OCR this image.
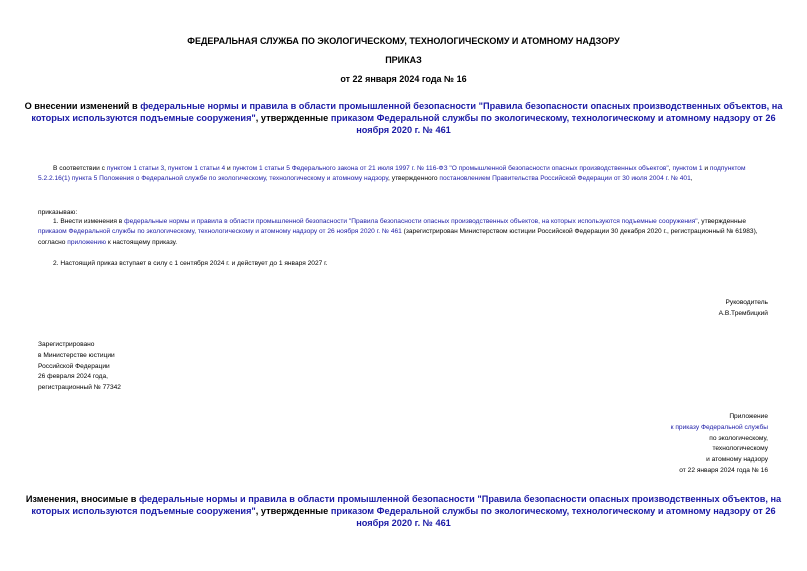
ФЕДЕРАЛЬНАЯ СЛУЖБА ПО ЭКОЛОГИЧЕСКОМУ, ТЕХНОЛОГИЧЕСКОМУ И АТОМНОМУ НАДЗОРУ
ПРИКАЗ
от 22 января 2024 года № 16
О внесении изменений в федеральные нормы и правила в области промышленной безопасности "Правила безопасности опасных производственных объектов, на которых используются подъемные сооружения", утвержденные приказом Федеральной службы по экологическому, технологическому и атомному надзору от 26 ноября 2020 г. № 461
В соответствии с пунктом 1 статьи 3, пунктом 1 статьи 4 и пунктом 1 статьи 5 Федерального закона от 21 июля 1997 г. № 116-ФЗ "О промышленной безопасности опасных производственных объектов", пунктом 1 и подпунктом 5.2.2.16(1) пункта 5 Положения о Федеральной службе по экологическому, технологическому и атомному надзору, утвержденного постановлением Правительства Российской Федерации от 30 июля 2004 г. № 401,
приказываю:
1. Внести изменения в федеральные нормы и правила в области промышленной безопасности "Правила безопасности опасных производственных объектов, на которых используются подъемные сооружения", утвержденные приказом Федеральной службы по экологическому, технологическому и атомному надзору от 26 ноября 2020 г. № 461 (зарегистрирован Министерством юстиции Российской Федерации 30 декабря 2020 г., регистрационный № 61983), согласно приложению к настоящему приказу.
2. Настоящий приказ вступает в силу с 1 сентября 2024 г. и действует до 1 января 2027 г.
Руководитель
А.В.Трембицкий
Зарегистрировано
в Министерстве юстиции
Российской Федерации
26 февраля 2024 года,
регистрационный № 77342
Приложение
к приказу Федеральной службы
по экологическому,
технологическому
и атомному надзору
от 22 января 2024 года № 16
Изменения, вносимые в федеральные нормы и правила в области промышленной безопасности "Правила безопасности опасных производственных объектов, на которых используются подъемные сооружения", утвержденные приказом Федеральной службы по экологическому, технологическому и атомному надзору от 26 ноября 2020 г. № 461
